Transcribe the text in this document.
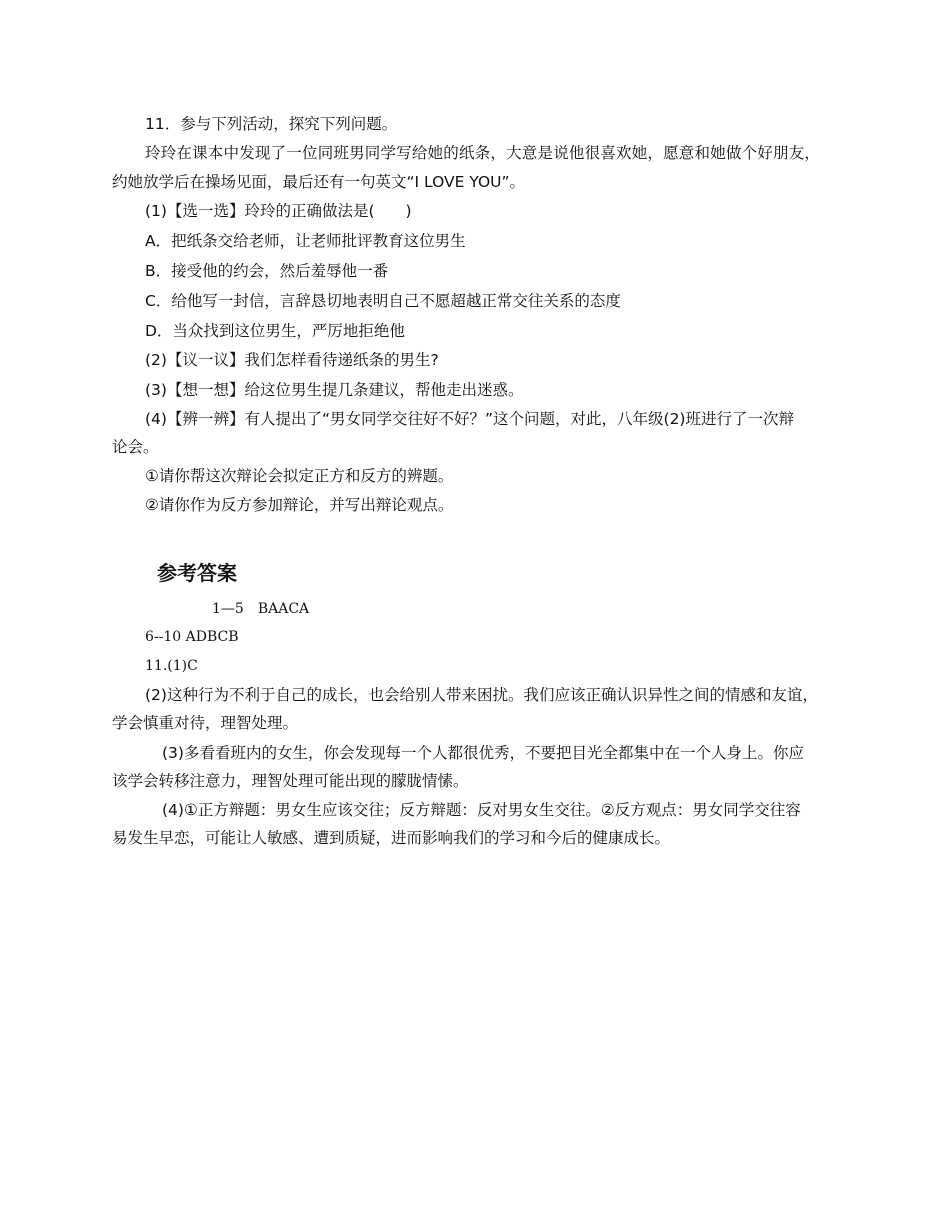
11．参与下列活动，探究下列问题。
玲玲在课本中发现了一位同班男同学写给她的纸条，大意是说他很喜欢她，愿意和她做个好朋友，
约她放学后在操场见面，最后还有一句英文“I LOVE YOU”。
(1)【选一选】玲玲的正确做法是(　　)
A．把纸条交给老师，让老师批评教育这位男生
B．接受他的约会，然后羞辱他一番
C．给他写一封信，言辞恳切地表明自己不愿超越正常交往关系的态度
D．当众找到这位男生，严厉地拒绝他
(2)【议一议】我们怎样看待递纸条的男生?
(3)【想一想】给这位男生提几条建议，帮他走出迷惑。
(4)【辨一辨】有人提出了“男女同学交往好不好？”这个问题，对此，八年级(2)班进行了一次辩
论会。
①请你帮这次辩论会拟定正方和反方的辨题。
②请你作为反方参加辩论，并写出辩论观点。
参考答案
1—5　BAACA
6--10 ADBCB
11.(1)C
(2)这种行为不利于自己的成长，也会给别人带来困扰。我们应该正确认识异性之间的情感和友谊，
学会慎重对待，理智处理。
(3)多看看班内的女生，你会发现每一个人都很优秀，不要把目光全都集中在一个人身上。你应
该学会转移注意力，理智处理可能出现的朦胧情愫。
(4)①正方辩题：男女生应该交往；反方辩题：反对男女生交往。②反方观点：男女同学交往容
易发生早恋，可能让人敏感、遭到质疑，进而影响我们的学习和今后的健康成长。
